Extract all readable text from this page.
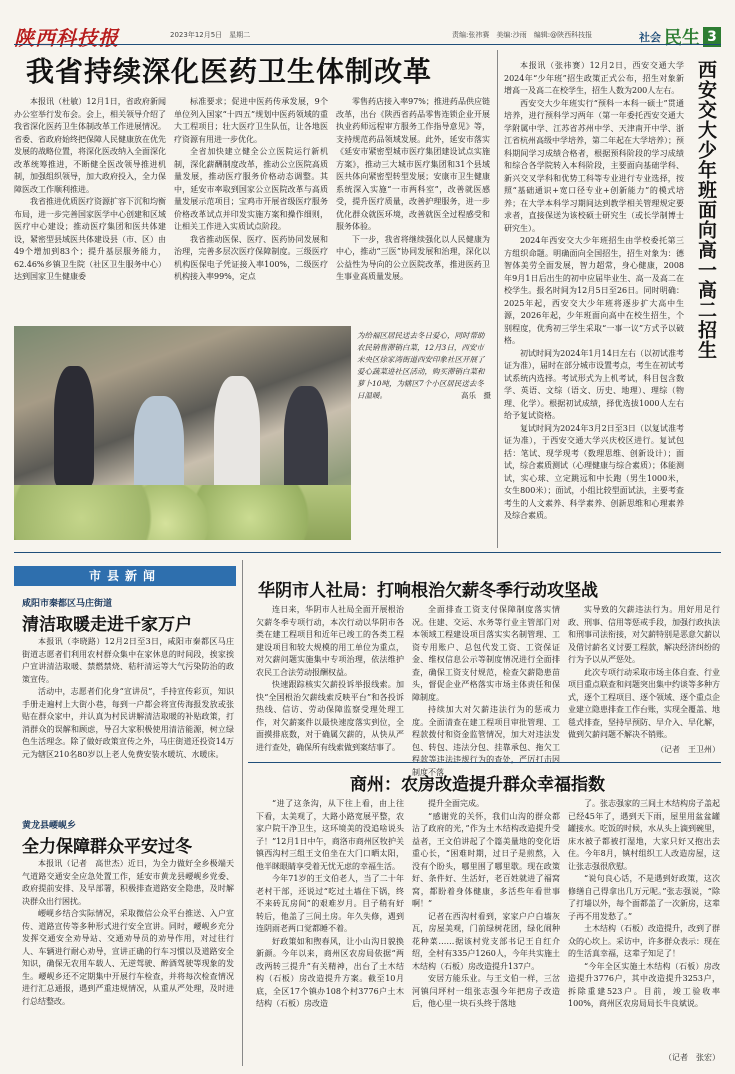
陕西科技报	2023年12月5日　 星期二	责编:张祎赛　美编:沙雨　编辑:@陕西科技报	社会 民生 3
我省持续深化医药卫生体制改革

本报讯（杜敏）12月1日，省政府新闻办公室举行发布会。会上，相关领导介绍了我省深化医药卫生体制改革工作进展情况。省委、省政府始终把保障人民健康放在优先发展的战略位置，将深化医改纳入全面深化改革统筹推进，不断健全医改领导推进机制，加强组织领导，加大政府投入，全力保障医改工作顺利推进。

我省推进优质医疗资源扩容下沉和均衡布局，进一步完善国家医学中心创建和区域医疗中心建设；推动医疗集团和医共体建设，紧密型县域医共体建设县（市、区）由49个增加到83个；提升基层服务能力，62.46%乡镇卫生院（社区卫生服务中心）达到国家卫生健康委

标准要求；促进中医药传承发展，9个单位列入国家“十四五”规划中医药领域的重大工程项目；壮大医疗卫生队伍，让各地医疗资源有用进一步优化。

全省加快建立健全公立医院运行新机制，深化薪酬制度改革，推动公立医院高质量发展，推动医疗服务价格动态调整。其中，延安市率取到国家公立医院改革与高质量发展示范项目；宝鸡市开展省级医疗服务价格改革试点并印发实施方案和操作细则，让相关工作进入实质试点阶段。

我省推动医保、医疗、医药协同发展和治理，完善多层次医疗保障制度。三级医疗机构医保电子凭证接入率100%，二级医疗机构接入率99%，定点

零售药店接入率97%；推进药品供应链改革，出台《陕西省药品零售连锁企业开展执业药师远程审方服务工作指导意见》等，支持规范药品领域发展。此外，延安市落实《延安市紧密型城市医疗集团建设试点实施方案》，推动三大城市医疗集团和31个县域医共体向紧密型转型发展；安康市卫生健康系统深入实施“一市两科室”，改善就医感受，提升医疗质量，改善护理服务，进一步优化群众就医环境，改善就医全过程感受和服务体验。

下一步，我省将继续强化以人民健康为中心，推动“三医”协同发展和治理，深化以公益性为导向的公立医院改革，推进医药卫生事业高质量发展。

为给福区居民送去冬日爱心，同时帮助农民销售滞销白菜，12月3日，西安市未央区徐家湾街道西安印象社区开展了爱心蔬菜进社区活动，购买滞销白菜和萝卜10吨，为辖区7个小区居民送去冬日温暖。	高乐　摄

本报讯（张祎赛）12月2日，西安交通大学2024年“少年班”招生政策正式公布，招生对象新增高一及高二在校学生，招生人数为200人左右。

西安交大少年班实行“预科一本科一硕士”贯通培养，进行预科学习两年（第一年委托西安交通大学附属中学、江苏省苏州中学、天津南开中学、浙江省杭州高级中学培养，第二年起在大学培养）；预科期间学习成绩合格者，根据预科阶段的学习成绩和综合各学院转入本科阶段，主要面向基础学科、新兴交叉学科和优势工科等专业进行专业选择，按照“基础通识+宽口径专业+创新能力”的模式培养；在大学本科学习期间达到教学相关管理规定要求者，直接保送为该校硕士研究生（或长学制博士研究生）。

2024年西安交大少年班招生由学校委托第三方组织命题。明确面向全国招生，招生对象为：德智体美劳全面发展，智力超常，身心健康，2008年9月1日后出生的初中应届毕业生、高一及高二在校学生。报名时间为12月5日至26日。同时明确：2025年起，西安交大少年班将逐步扩大高中生源，2026年起，少年班面向高中在校生招生，个别程度，优秀初三学生采取“一事一议”方式予以破格。

初试时间为2024年1月14日左右（以初试准考证为准），届时在部分城市设置考点，考生在初试考试系统内选择。考试形式为上机考试，科目包含数学、英语、文综（语文、历史、地理）、理综（物理、化学）。根据初试成绩，择优选拔1000人左右给予复试资格。

复试时间为2024年3月2日至3日（以复试准考证为准），于西安交通大学兴庆校区进行。复试包括：笔试、现学现考（数理思维、创新设计）；面试，综合素质测试（心理健康与综合素质）；体能测试，实心球、立定跳远和中长跑（男生1000米，女生800米）；面试，小组比较型面试法，主要考查考生的人文素养、科学素养、创新思维和心理素养及综合素质。

西安交大少年班面向高一高二招生
市县新闻
咸阳市秦都区马庄街道
清洁取暖走进千家万户

本报讯（李晓路）12月2日至3日，咸阳市秦都区马庄街道志愿者们利用农村群众集中在家休息的时间段，挨家挨户宣讲清洁取暖、禁燃禁烧、秸秆清运等大气污染防治的政策宣传。

活动中，志愿者们化身“宣讲员”，手持宣传彩页，知识手册走遍村上大街小巷，每到一户都会将宣传海报发放或张贴在群众家中，并认真为村民讲解清洁取暖的补贴政策，打消群众的误解和顾虑，导召大家积极使用清洁能源，树立绿色生活理念。除了做好政策宣传之外，马庄街道还投资14万元为辖区210名80岁以上老人免费安装水暖坑、水暖床。

黄龙县崾岘乡
全力保障群众平安过冬

本报讯（记者　高世杰）近日，为全力做好全乡极端天气道路交通安全应急处置工作，延安市黄龙县崾岘乡党委、政府提前安排、及早部署，积极排查道路安全隐患，及时解决群众出行困扰。

崾岘乡结合实际情况，采取微信公众平台推送、入户宣传、道路宣传等多种形式进行安全宣讲。同时，崾岘乡充分发挥交通安全劝导站、交通劝导员的劝导作用，对过往行人、车辆进行耐心劝导，宣讲正确的行车习惯以及道路安全知识，确保无农用车载人、无逆驾驶、醉酒驾驶等现象的发生。崾岘乡还不定期集中开展行车检查，并将每次检查情况进行汇总通报，遇到严重违规情况，从重从严处理，及时进行总结整改。

华阴市人社局：打响根治欠薪冬季行动攻坚战

连日来，华阴市人社局全面开展根治欠薪冬季专项行动，本次行动以华阴市各类在建工程项目和近年已竣工的各类工程建设项目和较大规模的用工单位为重点，对欠薪问题实施集中专项治理，依法维护农民工合法劳动报酬权益。

快速跟踪核实欠薪投诉举报线索。加快“全国根治欠薪线索反映平台”和各投诉热线、信访、劳动保障监察受理处理工作，对欠薪案件以最快速度落实到位，全面摸排底数，对于确属欠薪的，从快从严进行查处，确保所有线索做到案结事了。

全面排查工资支付保障制度落实情况。住建、交运、水务等行业主管部门对本领域工程建设项目落实实名制管理、工资专用账户、总包代发工资、工资保证金、维权信息公示等制度情况进行全面排查，确保工资支付规范，检查欠薪隐患苗头，督促企业严格落实市场主体责任和保障制度。

持续加大对欠薪违法行为的惩戒力度。全面清查在建工程项目审批管理、工程款拨付和资金监管情况，加大对违法发包、转包、违法分包、挂靠承包、拖欠工程款等违法违规行为的查处，严厉打击因制度不落

实导致的欠薪违法行为。用好用足行政、刑事、信用等惩戒手段，加强行政执法和刑事司法衔接，对欠薪特别是恶意欠薪以及借讨薪名义讨要工程款，解决经济纠纷的行为予以从严惩处。

此次专项行动采取市场主体自查、行业项目重点联查和问题突出集中约谈等多种方式，逐个工程项目、逐个领域、逐个重点企业建立隐患排查工作台账，实现全覆盖、地毯式排查，坚持早预防、早介入、早化解，做到欠薪问题不解决不销账。

（记者　王卫州）

商州：农房改造提升群众幸福指数

“进了这条沟，从下往上看，由上往下看，太美观了，大路小路宽展平整，农家户院干净卫生，这环境美的没追啥说头子！”12月1日中午，商洛市商州区牧护关镇西沟村三组王文伯坐在大门口晒太阳，他半眯眼睛享受着无忧无虑的幸福生活。

今年71岁的王文伯老人，当了二十年老村干部，还说过“吃过土墙住下锅，终不来砖瓦房间”的艰难岁月。目子稍有好转后，他盖了三间土房。年久失修，遇到连阴雨老两口觉都睡不着。

好政策如和煦春风，让小山沟日貌换新颜。今年以来，商州区农房局依据“两改两转三提升”有关精神，出台了土木结构（石板）房改造提升方案。截至10月底，全区17个镇办108个村3776户土木结构（石板）房改造

提升全面完成。

“感谢党的关怀，我们山沟的群众都沾了政府的光，”作为土木结构改造提升受益者，王文伯讲起了个篇美量地的变化语重心长，“困难时期，过日子是煎熬，入没有个盼头，哪里围了哪里歇。现在政策好、条件好、生活好，老百姓就进了福窝窝，都盼着身体健康，多活些年看世事啊！”

记者在西沟村看到，家家户户白墙灰瓦，房屋美观，门前绿树花团，绿化闹种花种菜……据该村党支部书记王自红介绍，全村有335户1260人，今年共实施土木结构（石板）房改造提升137户。

安居方能乐业。与王文伯一样，三岔河镇闫坪村一组张志强今年把房子改造后，他心里一块石头终于落地

了。张志强家的三间土木结构房子盖起已经45年了，遇到天下雨，屋里用盆盆罐罐接水。吃饭的时候，水从头上滴到碗里，床水被子都被打湿地，大家只好又抱出去住。今年8月，镇村组织工人改造房屋，这让张志强很欣慰。

“说句良心话，不是遇到好政策，这次修缮自己得拿出几万元呢。”张志强说，“除了打墙以外，每个面都盖了一次新房，这辈子再不用发愁了。”

土木结构（石板）改造提升，改到了群众的心坎上。采访中，许多群众表示：现在的生活真幸福，这辈子知足了！

“今年全区实施土木结构（石板）房改造提升3776户，其中改造提升3253户，拆除重建523户。目前，竣工验收率100%，商州区农房局局长牛良斌说。

（记者　张宏）
